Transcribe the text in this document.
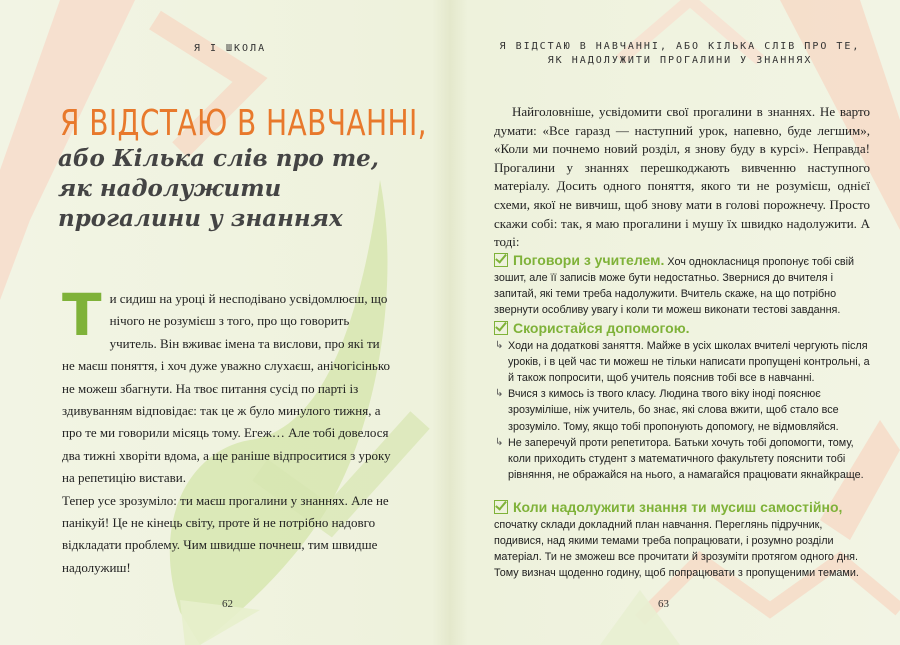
Я І ШКОЛА
Я ВІДСТАЮ В НАВЧАННІ,
або Кілька слів про те, як надолужити прогалини у знаннях

Ти сидиш на уроці й несподівано усвідомлюєш, що нічого не розумієш з того, про що говорить учитель. Він вживає імена та вислови, про які ти не маєш поняття, і хоч дуже уважно слухаєш, анічогісінько не можеш збагнути. На твоє питання сусід по парті із здивуванням відповідає: так це ж було минулого тижня, а про те ми говорили місяць тому. Егеж… Але тобі довелося два тижні хворіти вдома, а ще раніше відпроситися з уроку на репетицію вистави.

Тепер усе зрозуміло: ти маєш прогалини у знаннях. Але не панікуй! Це не кінець світу, проте й не потрібно надовго відкладати проблему. Чим швидше почнеш, тим швидше надолужиш!

62
Я ВІДСТАЮ В НАВЧАННІ, АБО КІЛЬКА СЛІВ ПРО ТЕ,
ЯК НАДОЛУЖИТИ ПРОГАЛИНИ У ЗНАННЯХ

Найголовніше, усвідомити свої прогалини в знаннях. Не варто думати: «Все гаразд — наступний урок, напевно, буде легшим», «Коли ми почнемо новий розділ, я знову буду в курсі». Неправда! Прогалини у знаннях перешкоджають вивченню наступного матеріалу. Досить одного поняття, якого ти не розумієш, однієї схеми, якої не вивчиш, щоб знову мати в голові порожнечу. Просто скажи собі: так, я маю прогалини і мушу їх швидко надолужити. А тоді:

Поговори з учителем. Хоч однокласниця пропонує тобі свій зошит, але її записів може бути недостатньо. Звернися до вчителя і запитай, які теми треба надолужити. Вчитель скаже, на що потрібно звернути особливу увагу і коли ти можеш виконати тестові завдання.
Скористайся допомогою.
↳ Ходи на додаткові заняття. Майже в усіх школах вчителі чергують після уроків, і в цей час ти можеш не тільки написати пропущені контрольні, а й також попросити, щоб учитель пояснив тобі все в навчанні.
↳ Вчися з кимось із твого класу. Людина твого віку іноді пояснює зрозуміліше, ніж учитель, бо знає, які слова вжити, щоб стало все зрозуміло. Тому, якщо тобі пропонують допомогу, не відмовляйся.
↳ Не заперечуй проти репетитора. Батьки хочуть тобі допомогти, тому, коли приходить студент з математичного факультету пояснити тобі рівняння, не ображайся на нього, а намагайся працювати якнайкраще.
Коли надолужити знання ти мусиш самостійно, спочатку склади докладний план навчання. Переглянь підручник, подивися, над якими темами треба попрацювати, і розумно розділи матеріал. Ти не зможеш все прочитати й зрозуміти протягом одного дня. Тому визнач щоденно годину, щоб попрацювати з пропущеними темами.
63
